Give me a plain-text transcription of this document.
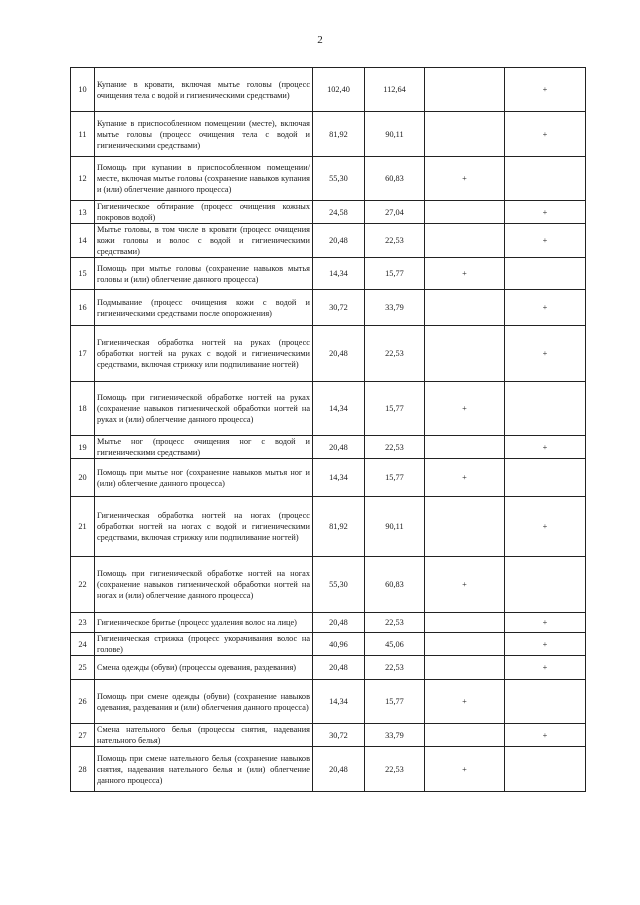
2
10	Купание в кровати, включая мытье головы (процесс очищения тела с водой и гигиеническими средствами)	102,40	112,64		+
11	Купание в приспособленном помещении (месте), включая мытье головы (процесс очищения тела с водой и гигиеническими средствами)	81,92	90,11		+
12	Помощь при купании в приспособленном помещении/месте, включая мытье головы (сохранение навыков купания и (или) облегчение данного процесса)	55,30	60,83	+	
13	Гигиеническое обтирание (процесс очищения кожных покровов водой)	24,58	27,04		+
14	Мытье головы, в том числе в кровати (процесс очищения кожи головы и волос с водой и гигиеническими средствами)	20,48	22,53		+
15	Помощь при мытье головы (сохранение навыков мытья головы и (или) облегчение данного процесса)	14,34	15,77	+	
16	Подмывание (процесс очищения кожи с водой и гигиеническими средствами после опорожнения)	30,72	33,79		+
17	Гигиеническая обработка ногтей на руках (процесс обработки ногтей на руках с водой и гигиеническими средствами, включая стрижку или подпиливание ногтей)	20,48	22,53		+
18	Помощь при гигиенической обработке ногтей на руках (сохранение навыков гигиенической обработки ногтей на руках и (или) облегчение данного процесса)	14,34	15,77	+	
19	Мытье ног (процесс очищения ног с водой и гигиеническими средствами)	20,48	22,53		+
20	Помощь при мытье ног (сохранение навыков мытья ног и (или) облегчение данного процесса)	14,34	15,77	+	
21	Гигиеническая обработка ногтей на ногах (процесс обработки ногтей на ногах с водой и гигиеническими средствами, включая стрижку или подпиливание ногтей)	81,92	90,11		+
22	Помощь при гигиенической обработке ногтей на ногах (сохранение навыков гигиенической обработки ногтей на ногах и (или) облегчение данного процесса)	55,30	60,83	+	
23	Гигиеническое бритье (процесс удаления волос на лице)	20,48	22,53		+
24	Гигиеническая стрижка (процесс укорачивания волос на голове)	40,96	45,06		+
25	Смена одежды (обуви) (процессы одевания, раздевания)	20,48	22,53		+
26	Помощь при смене одежды (обуви) (сохранение навыков одевания, раздевания и (или) облегчения данного процесса)	14,34	15,77	+	
27	Смена нательного белья (процессы снятия, надевания нательного белья)	30,72	33,79		+
28	Помощь при смене нательного белья (сохранение навыков снятия, надевания нательного белья и (или) облегчение данного процесса)	20,48	22,53	+	
